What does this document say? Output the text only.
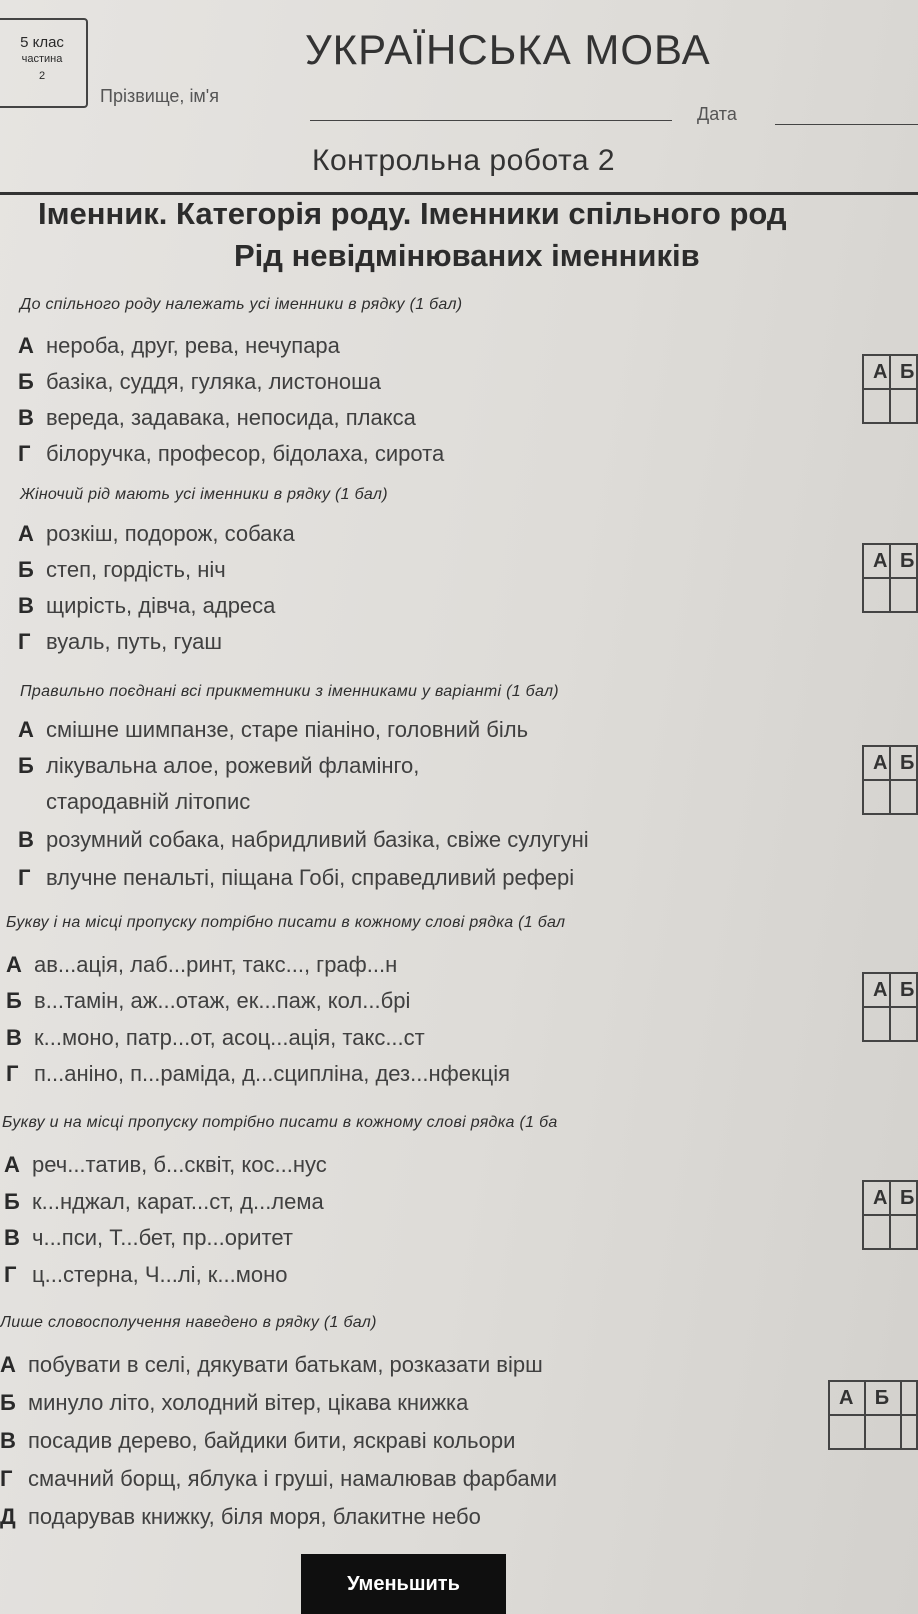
5 клас
частина
2
УКРАЇНСЬКА МОВА
Прізвище, ім'я
Дата
Контрольна робота 2
Іменник. Категорія роду. Іменники спільного род
Рід невідмінюваних іменників
До спільного роду належать усі іменники в рядку (1 бал)
А нероба, друг, рева, нечупара
Б базіка, суддя, гуляка, листоноша
В вереда, задавака, непосида, плакса
Г білоручка, професор, бідолаха, сирота
А	Б

Жіночий рід мають усі іменники в рядку (1 бал)
А розкіш, подорож, собака
Б степ, гордість, ніч
В щирість, дівча, адреса
Г вуаль, путь, гуаш
А	Б

Правильно поєднані всі прикметники з іменниками у варіанті (1 бал)
А смішне шимпанзе, старе піаніно, головний біль
Б лікувальна алое, рожевий фламінго,
стародавній літопис
В розумний собака, набридливий базіка, свіже сулугуні
Г влучне пенальті, піщана Гобі, справедливий рефері
А	Б

Букву і на місці пропуску потрібно писати в кожному слові рядка (1 бал
А ав...ація, лаб...ринт, такс..., граф...н
Б в...тамін, аж...отаж, ек...паж, кол...брі
В к...моно, патр...от, асоц...ація, такс...ст
Г п...аніно, п...раміда, д...сципліна, дез...нфекція
А	Б

Букву и на місці пропуску потрібно писати в кожному слові рядка (1 ба
А реч...татив, б...сквіт, кос...нус
Б к...нджал, карат...ст, д...лема
В ч...пси, Т...бет, пр...оритет
Г ц...стерна, Ч...лі, к...моно
А	Б

Лише словосполучення наведено в рядку (1 бал)
А побувати в селі, дякувати батькам, розказати вірш
Б минуло літо, холодний вітер, цікава книжка
В посадив дерево, байдики бити, яскраві кольори
Г смачний борщ, яблука і груші, намалював фарбами
Д подарував книжку, біля моря, блакитне небо
А	Б	

Уменьшить
